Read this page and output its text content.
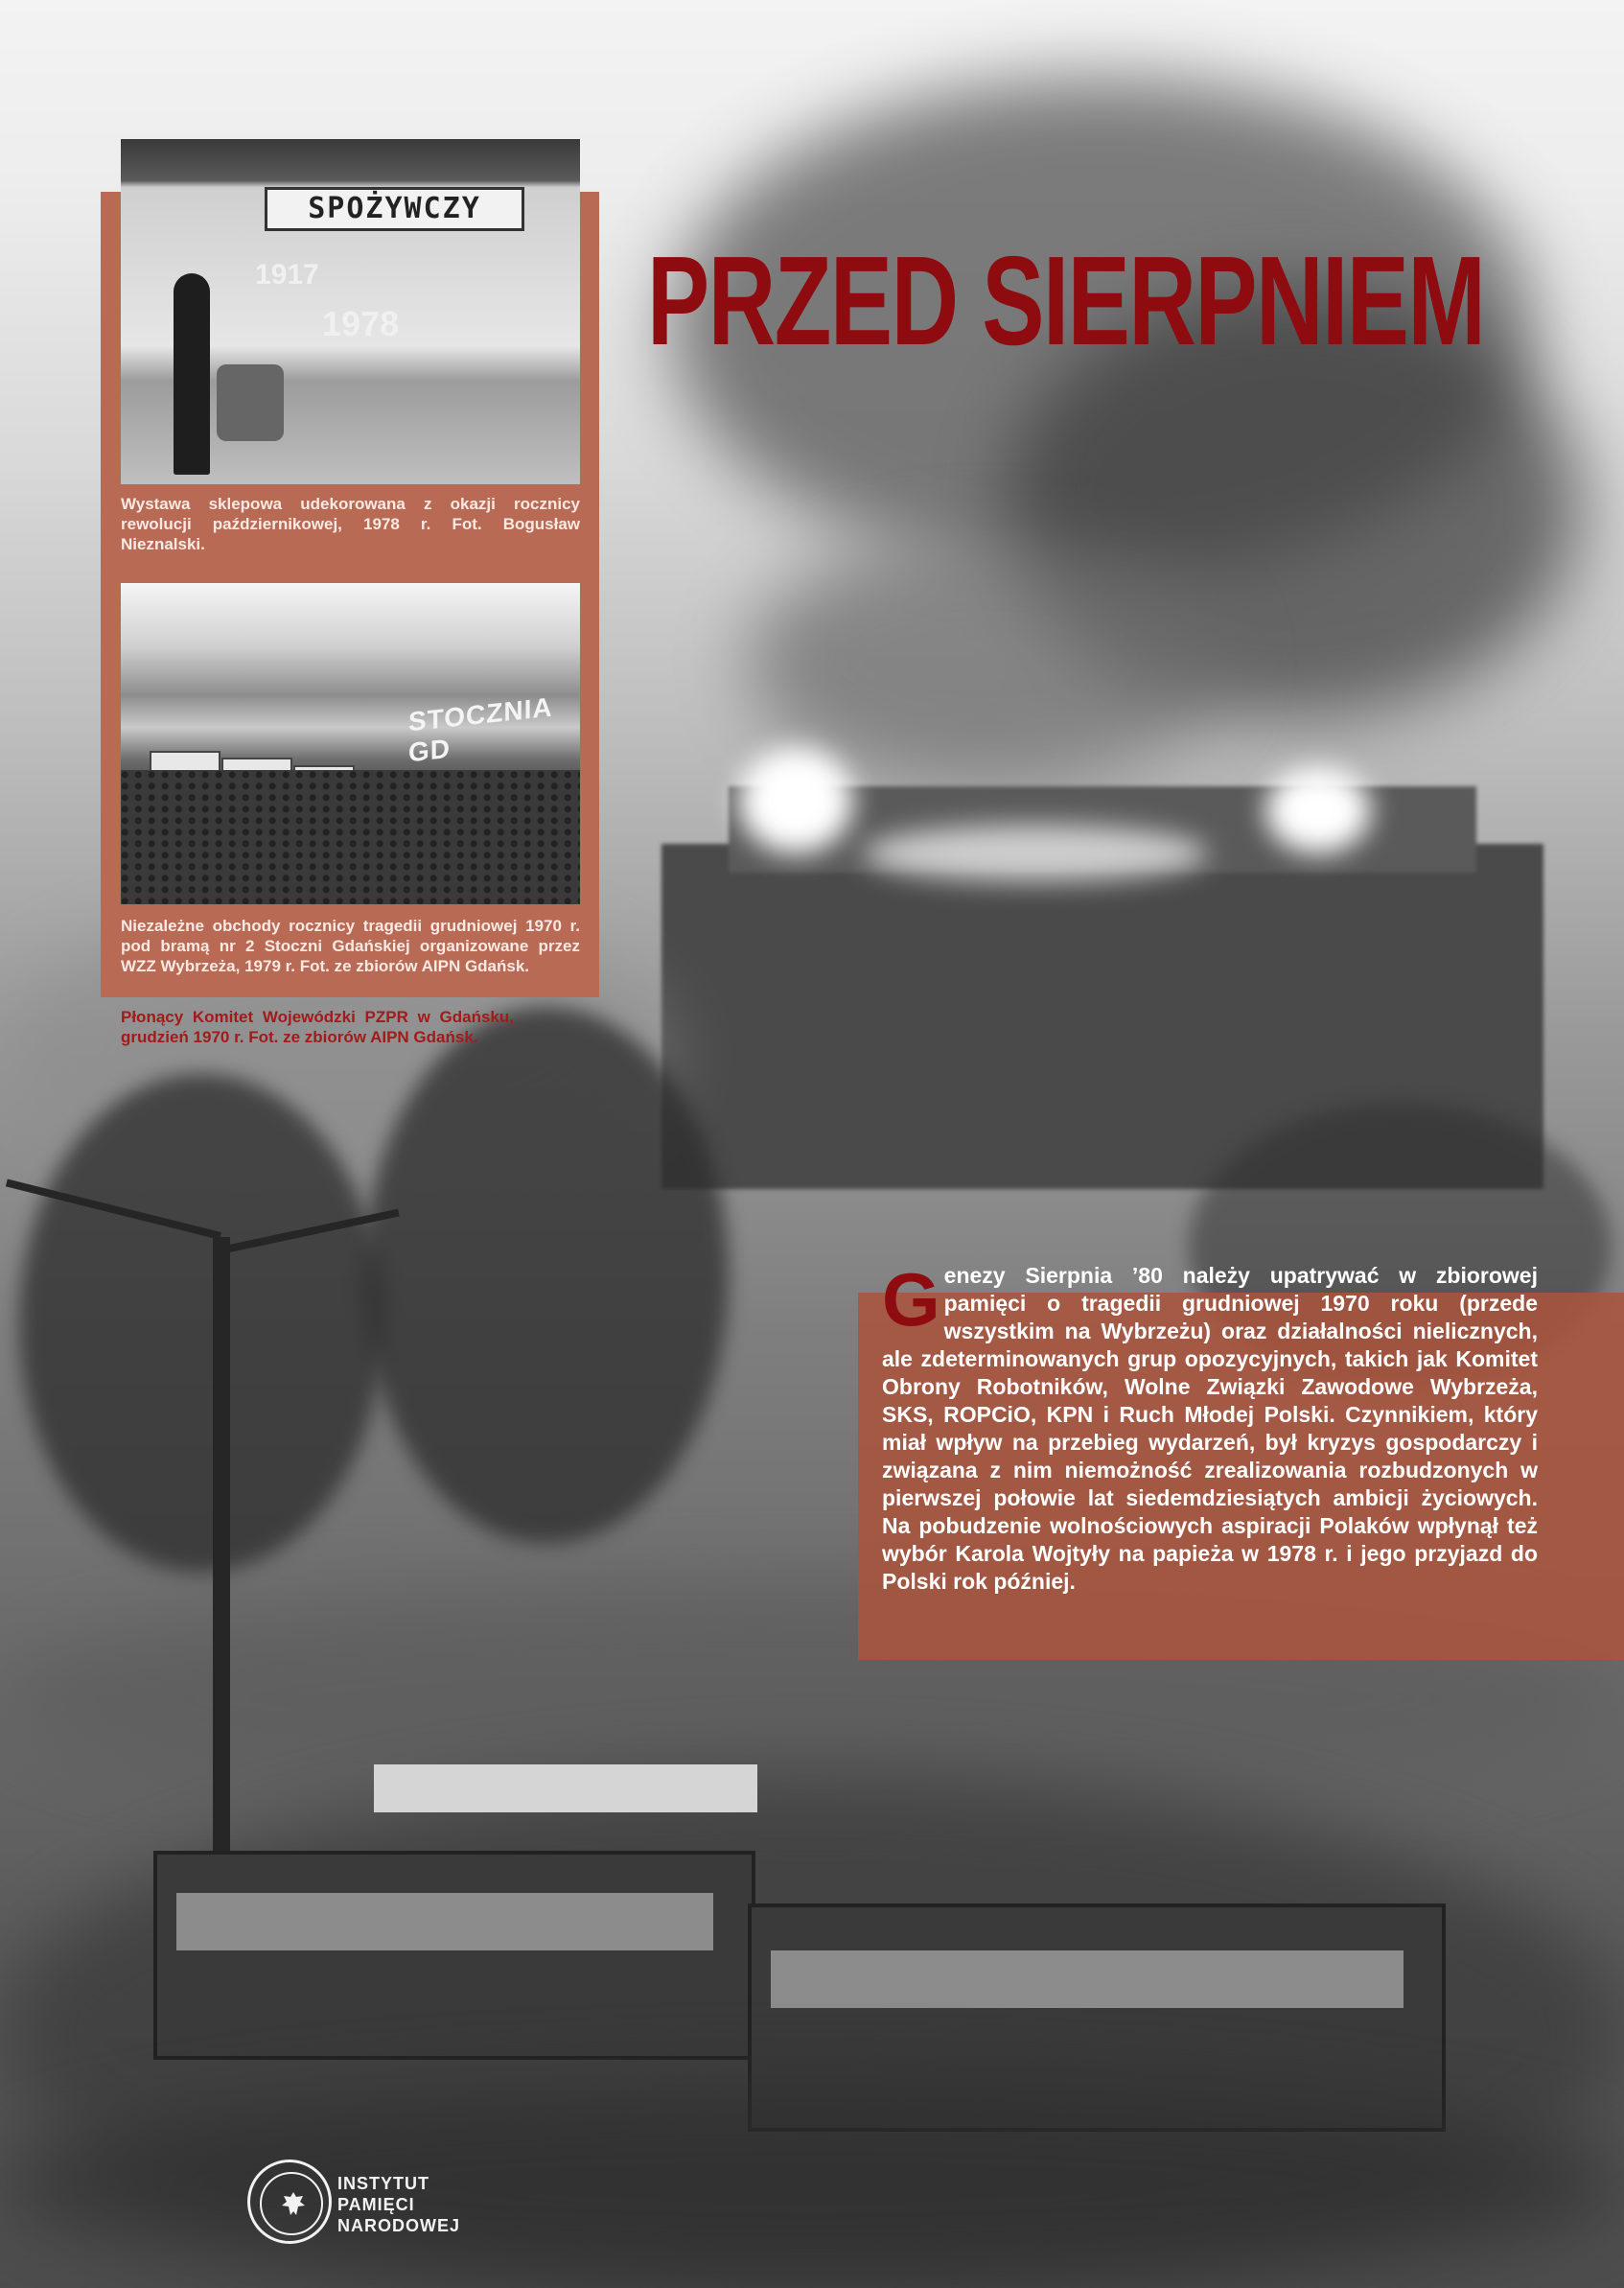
SPOŻYWCZY
1917
1978
Wystawa sklepowa udekorowana z okazji rocznicy rewolucji październikowej, 1978 r. Fot. Bogusław Nieznalski.
STOCZNIA GD
Niezależne obchody rocznicy tragedii grudniowej 1970 r. pod bramą nr 2 Stoczni Gdańskiej organizowane przez WZZ Wybrzeża, 1979 r. Fot. ze zbiorów AIPN Gdańsk.
Płonący Komitet Wojewódzki PZPR w Gdańsku, grudzień 1970 r. Fot. ze zbiorów AIPN Gdańsk.
PRZED SIERPNIEM
Genezy Sierpnia ’80 należy upatrywać w zbiorowej pamięci o tragedii grudniowej 1970 roku (przede wszystkim na Wybrzeżu) oraz działalności nielicznych, ale zdeterminowanych grup opozycyjnych, takich jak Komitet Obrony Robotników, Wolne Związki Zawodowe Wybrzeża, SKS, ROPCiO, KPN i Ruch Młodej Polski. Czynnikiem, który miał wpływ na przebieg wydarzeń, był kryzys gospodarczy i związana z nim niemożność zrealizowania rozbudzonych w pierwszej połowie lat siedemdziesiątych ambicji życiowych. Na pobudzenie wolnościowych aspiracji Polaków wpłynął też wybór Karola Wojtyły na papieża w 1978 r. i jego przyjazd do Polski rok później.
INSTYTUT
PAMIĘCI
NARODOWEJ
